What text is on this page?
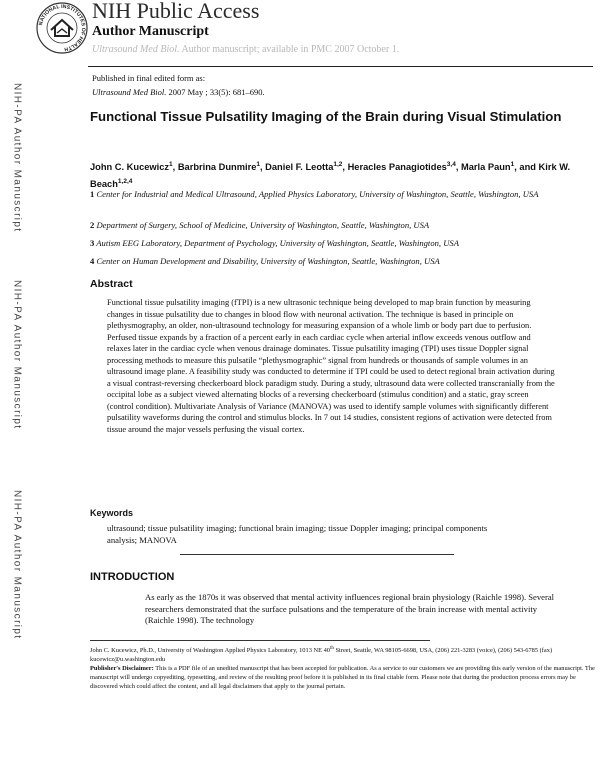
NATIONAL INSTITUTES OF HEALTH
NIH Public Access
Author Manuscript
Ultrasound Med Biol. Author manuscript; available in PMC 2007 October 1.
Published in final edited form as:
Ultrasound Med Biol. 2007 May ; 33(5): 681–690.
NIH-PA Author Manuscript
NIH-PA Author Manuscript
NIH-PA Author Manuscript
Functional Tissue Pulsatility Imaging of the Brain during Visual Stimulation
John C. Kucewicz$^1$, Barbrina Dunmire$^1$, Daniel F. Leotta$^{1,2}$, Heracles Panagiotides$^{3,4}$, Marla Paun$^1$, and Kirk W. Beach$^{1,2,4}$
1 Center for Industrial and Medical Ultrasound, Applied Physics Laboratory, University of Washington, Seattle, Washington, USA
2 Department of Surgery, School of Medicine, University of Washington, Seattle, Washington, USA
3 Autism EEG Laboratory, Department of Psychology, University of Washington, Seattle, Washington, USA
4 Center on Human Development and Disability, University of Washington, Seattle, Washington, USA
Abstract
Functional tissue pulsatility imaging (fTPI) is a new ultrasonic technique being developed to map brain function by measuring changes in tissue pulsatility due to changes in blood flow with neuronal activation. The technique is based in principle on plethysmography, an older, non-ultrasound technology for measuring expansion of a whole limb or body part due to perfusion. Perfused tissue expands by a fraction of a percent early in each cardiac cycle when arterial inflow exceeds venous outflow and relaxes later in the cardiac cycle when venous drainage dominates. Tissue pulsatility imaging (TPI) uses tissue Doppler signal processing methods to measure this pulsatile “plethysmographic” signal from hundreds or thousands of sample volumes in an ultrasound image plane. A feasibility study was conducted to determine if TPI could be used to detect regional brain activation during a visual contrast-reversing checkerboard block paradigm study. During a study, ultrasound data were collected transcranially from the occipital lobe as a subject viewed alternating blocks of a reversing checkerboard (stimulus condition) and a static, gray screen (control condition). Multivariate Analysis of Variance (MANOVA) was used to identify sample volumes with significantly different pulsatility waveforms during the control and stimulus blocks. In 7 out 14 studies, consistent regions of activation were detected from tissue around the major vessels perfusing the visual cortex.
Keywords
ultrasound; tissue pulsatility imaging; functional brain imaging; tissue Doppler imaging; principal components analysis; MANOVA
INTRODUCTION
As early as the 1870s it was observed that mental activity influences regional brain physiology (Raichle 1998). Several researchers demonstrated that the surface pulsations and the temperature of the brain increase with mental activity (Raichle 1998). The technology

John C. Kucewicz, Ph.D., University of Washington Applied Physics Laboratory, 1013 NE 40th Street, Seattle, WA 98105-6698, USA, (206) 221-3283 (voice), (206) 543-6785 (fax) kucewicz@u.washington.edu

Publisher's Disclaimer: This is a PDF file of an unedited manuscript that has been accepted for publication. As a service to our customers we are providing this early version of the manuscript. The manuscript will undergo copyediting, typesetting, and review of the resulting proof before it is published in its final citable form. Please note that during the production process errors may be discovered which could affect the content, and all legal disclaimers that apply to the journal pertain.
